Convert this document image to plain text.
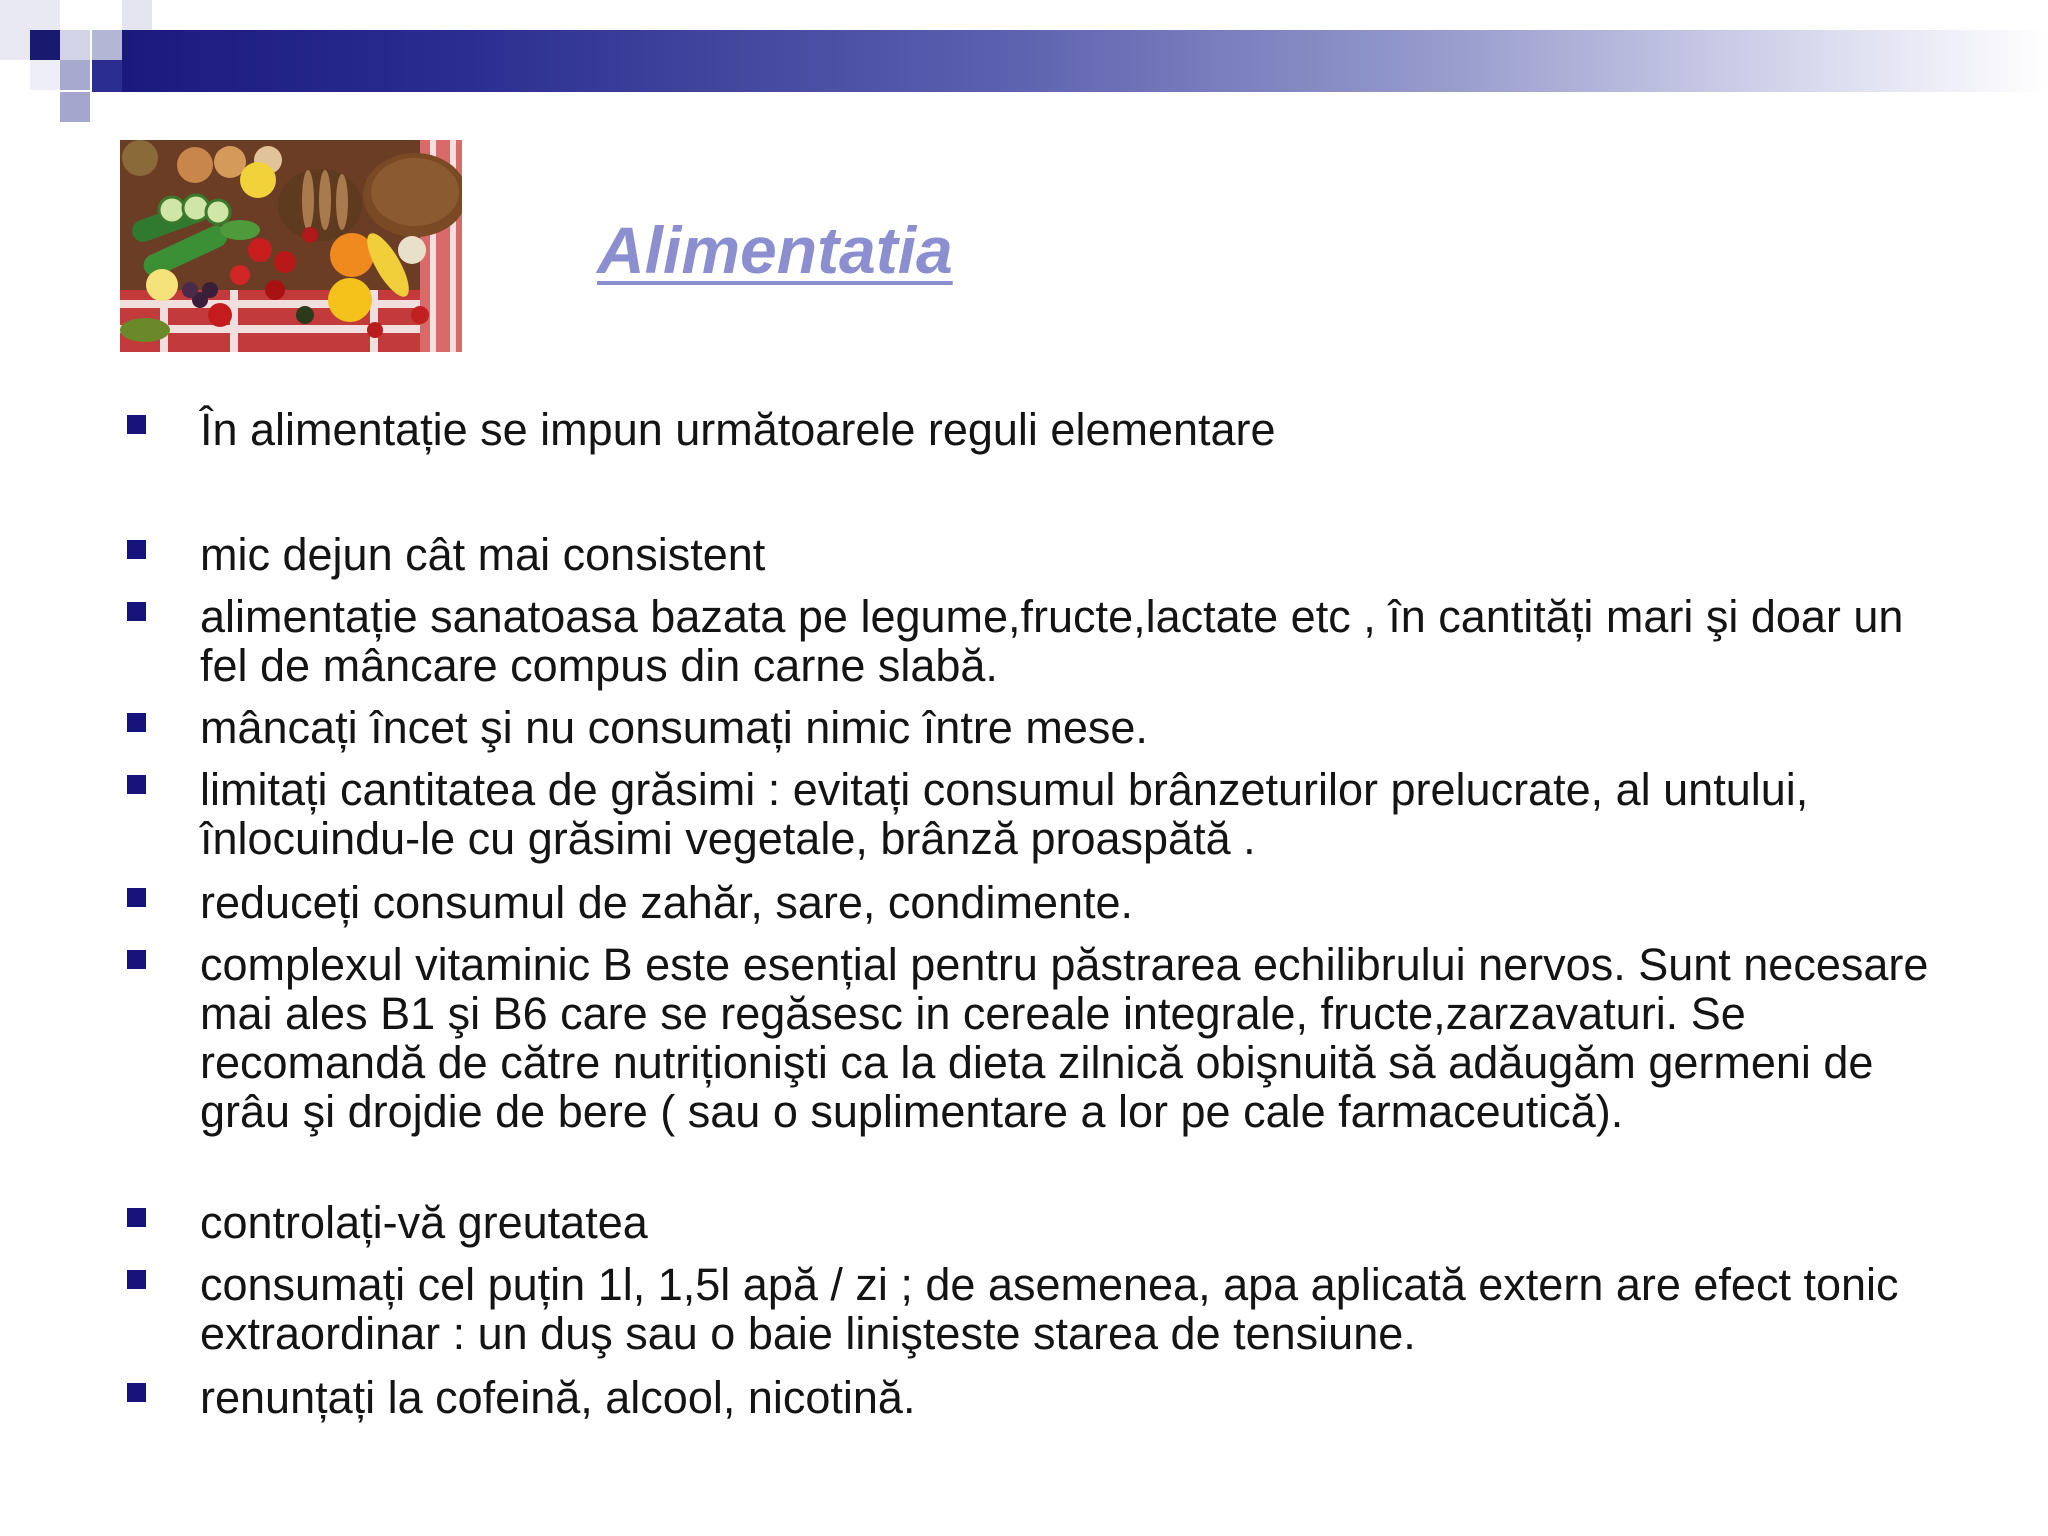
Alimentatia
În alimentație se impun următoarele reguli elementare
mic dejun cât mai consistent
alimentație sanatoasa bazata pe legume,fructe,lactate etc , în cantități mari şi doar un fel de mâncare compus din carne slabă.
mâncați încet şi nu consumați nimic între mese.
limitați cantitatea de grăsimi : evitați consumul brânzeturilor prelucrate, al untului, înlocuindu-le cu grăsimi vegetale, brânză proaspătă .
reduceți consumul de zahăr, sare, condimente.
complexul vitaminic B este esențial pentru păstrarea echilibrului nervos. Sunt necesare mai ales B1 şi B6 care se regăsesc in cereale integrale, fructe,zarzavaturi. Se recomandă de către nutriționişti ca la dieta zilnică obişnuită să adăugăm germeni de grâu şi drojdie de bere ( sau o suplimentare a lor pe cale farmaceutică).
controlați-vă greutatea
consumați cel puțin 1l, 1,5l apă / zi ; de asemenea, apa aplicată extern are efect tonic extraordinar : un duş sau o baie linişteste starea de tensiune.
renunțați la cofeină, alcool, nicotină.
